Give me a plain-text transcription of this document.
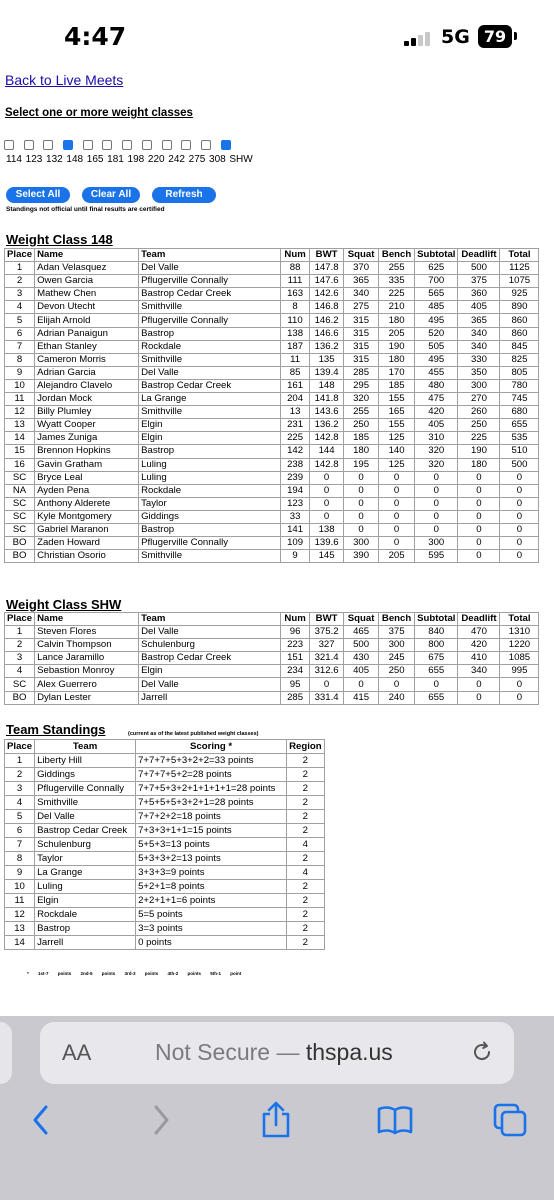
4:47	5G 79
Back to Live Meets
Select one or more weight classes
114 123 132 148 165 181 198 220 242 275 308 SHW
Select All	Clear All	Refresh
Standings not official until final results are certified
Weight Class 148
Place	Name	Team	Num	BWT	Squat	Bench	Subtotal	Deadlift	Total
1	Adan Velasquez	Del Valle	88	147.8	370	255	625	500	1125
2	Owen Garcia	Pflugerville Connally	111	147.6	365	335	700	375	1075
3	Mathew Chen	Bastrop Cedar Creek	163	142.6	340	225	565	360	925
4	Devon Utecht	Smithville	8	146.8	275	210	485	405	890
5	Elijah Arnold	Pflugerville Connally	110	146.2	315	180	495	365	860
6	Adrian Panaigun	Bastrop	138	146.6	315	205	520	340	860
7	Ethan Stanley	Rockdale	187	136.2	315	190	505	340	845
8	Cameron Morris	Smithville	11	135	315	180	495	330	825
9	Adrian Garcia	Del Valle	85	139.4	285	170	455	350	805
10	Alejandro Clavelo	Bastrop Cedar Creek	161	148	295	185	480	300	780
11	Jordan Mock	La Grange	204	141.8	320	155	475	270	745
12	Billy Plumley	Smithville	13	143.6	255	165	420	260	680
13	Wyatt Cooper	Elgin	231	136.2	250	155	405	250	655
14	James Zuniga	Elgin	225	142.8	185	125	310	225	535
15	Brennon Hopkins	Bastrop	142	144	180	140	320	190	510
16	Gavin Gratham	Luling	238	142.8	195	125	320	180	500
SC	Bryce Leal	Luling	239	0	0	0	0	0	0
NA	Ayden Pena	Rockdale	194	0	0	0	0	0	0
SC	Anthony Alderete	Taylor	123	0	0	0	0	0	0
SC	Kyle Montgomery	Giddings	33	0	0	0	0	0	0
SC	Gabriel Maranon	Bastrop	141	138	0	0	0	0	0
BO	Zaden Howard	Pflugerville Connally	109	139.6	300	0	300	0	0
BO	Christian Osorio	Smithville	9	145	390	205	595	0	0
Weight Class SHW
Place	Name	Team	Num	BWT	Squat	Bench	Subtotal	Deadlift	Total
1	Steven Flores	Del Valle	96	375.2	465	375	840	470	1310
2	Calvin Thompson	Schulenburg	223	327	500	300	800	420	1220
3	Lance Jaramillo	Bastrop Cedar Creek	151	321.4	430	245	675	410	1085
4	Sebastion Monroy	Elgin	234	312.6	405	250	655	340	995
SC	Alex Guerrero	Del Valle	95	0	0	0	0	0	0
BO	Dylan Lester	Jarrell	285	331.4	415	240	655	0	0
Team Standings	(current as of the latest published weight classes)
Place	Team	Scoring *	Region
1	Liberty Hill	7+7+7+5+3+2+2=33 points	2
2	Giddings	7+7+7+5+2=28 points	2
3	Pflugerville Connally	7+7+5+3+2+1+1+1+1=28 points	2
4	Smithville	7+5+5+5+3+2+1=28 points	2
5	Del Valle	7+7+2+2=18 points	2
6	Bastrop Cedar Creek	7+3+3+1+1=15 points	2
7	Schulenburg	5+5+3=13 points	4
8	Taylor	5+3+3+2=13 points	2
9	La Grange	3+3+3=9 points	4
10	Luling	5+2+1=8 points	2
11	Elgin	2+2+1+1=6 points	2
12	Rockdale	5=5 points	2
13	Bastrop	3=3 points	2
14	Jarrell	0 points	2
* 1st-7 points 2nd-5 points 3rd-3 points 4th-2 points 5th-1 point
AA	Not Secure — thspa.us
